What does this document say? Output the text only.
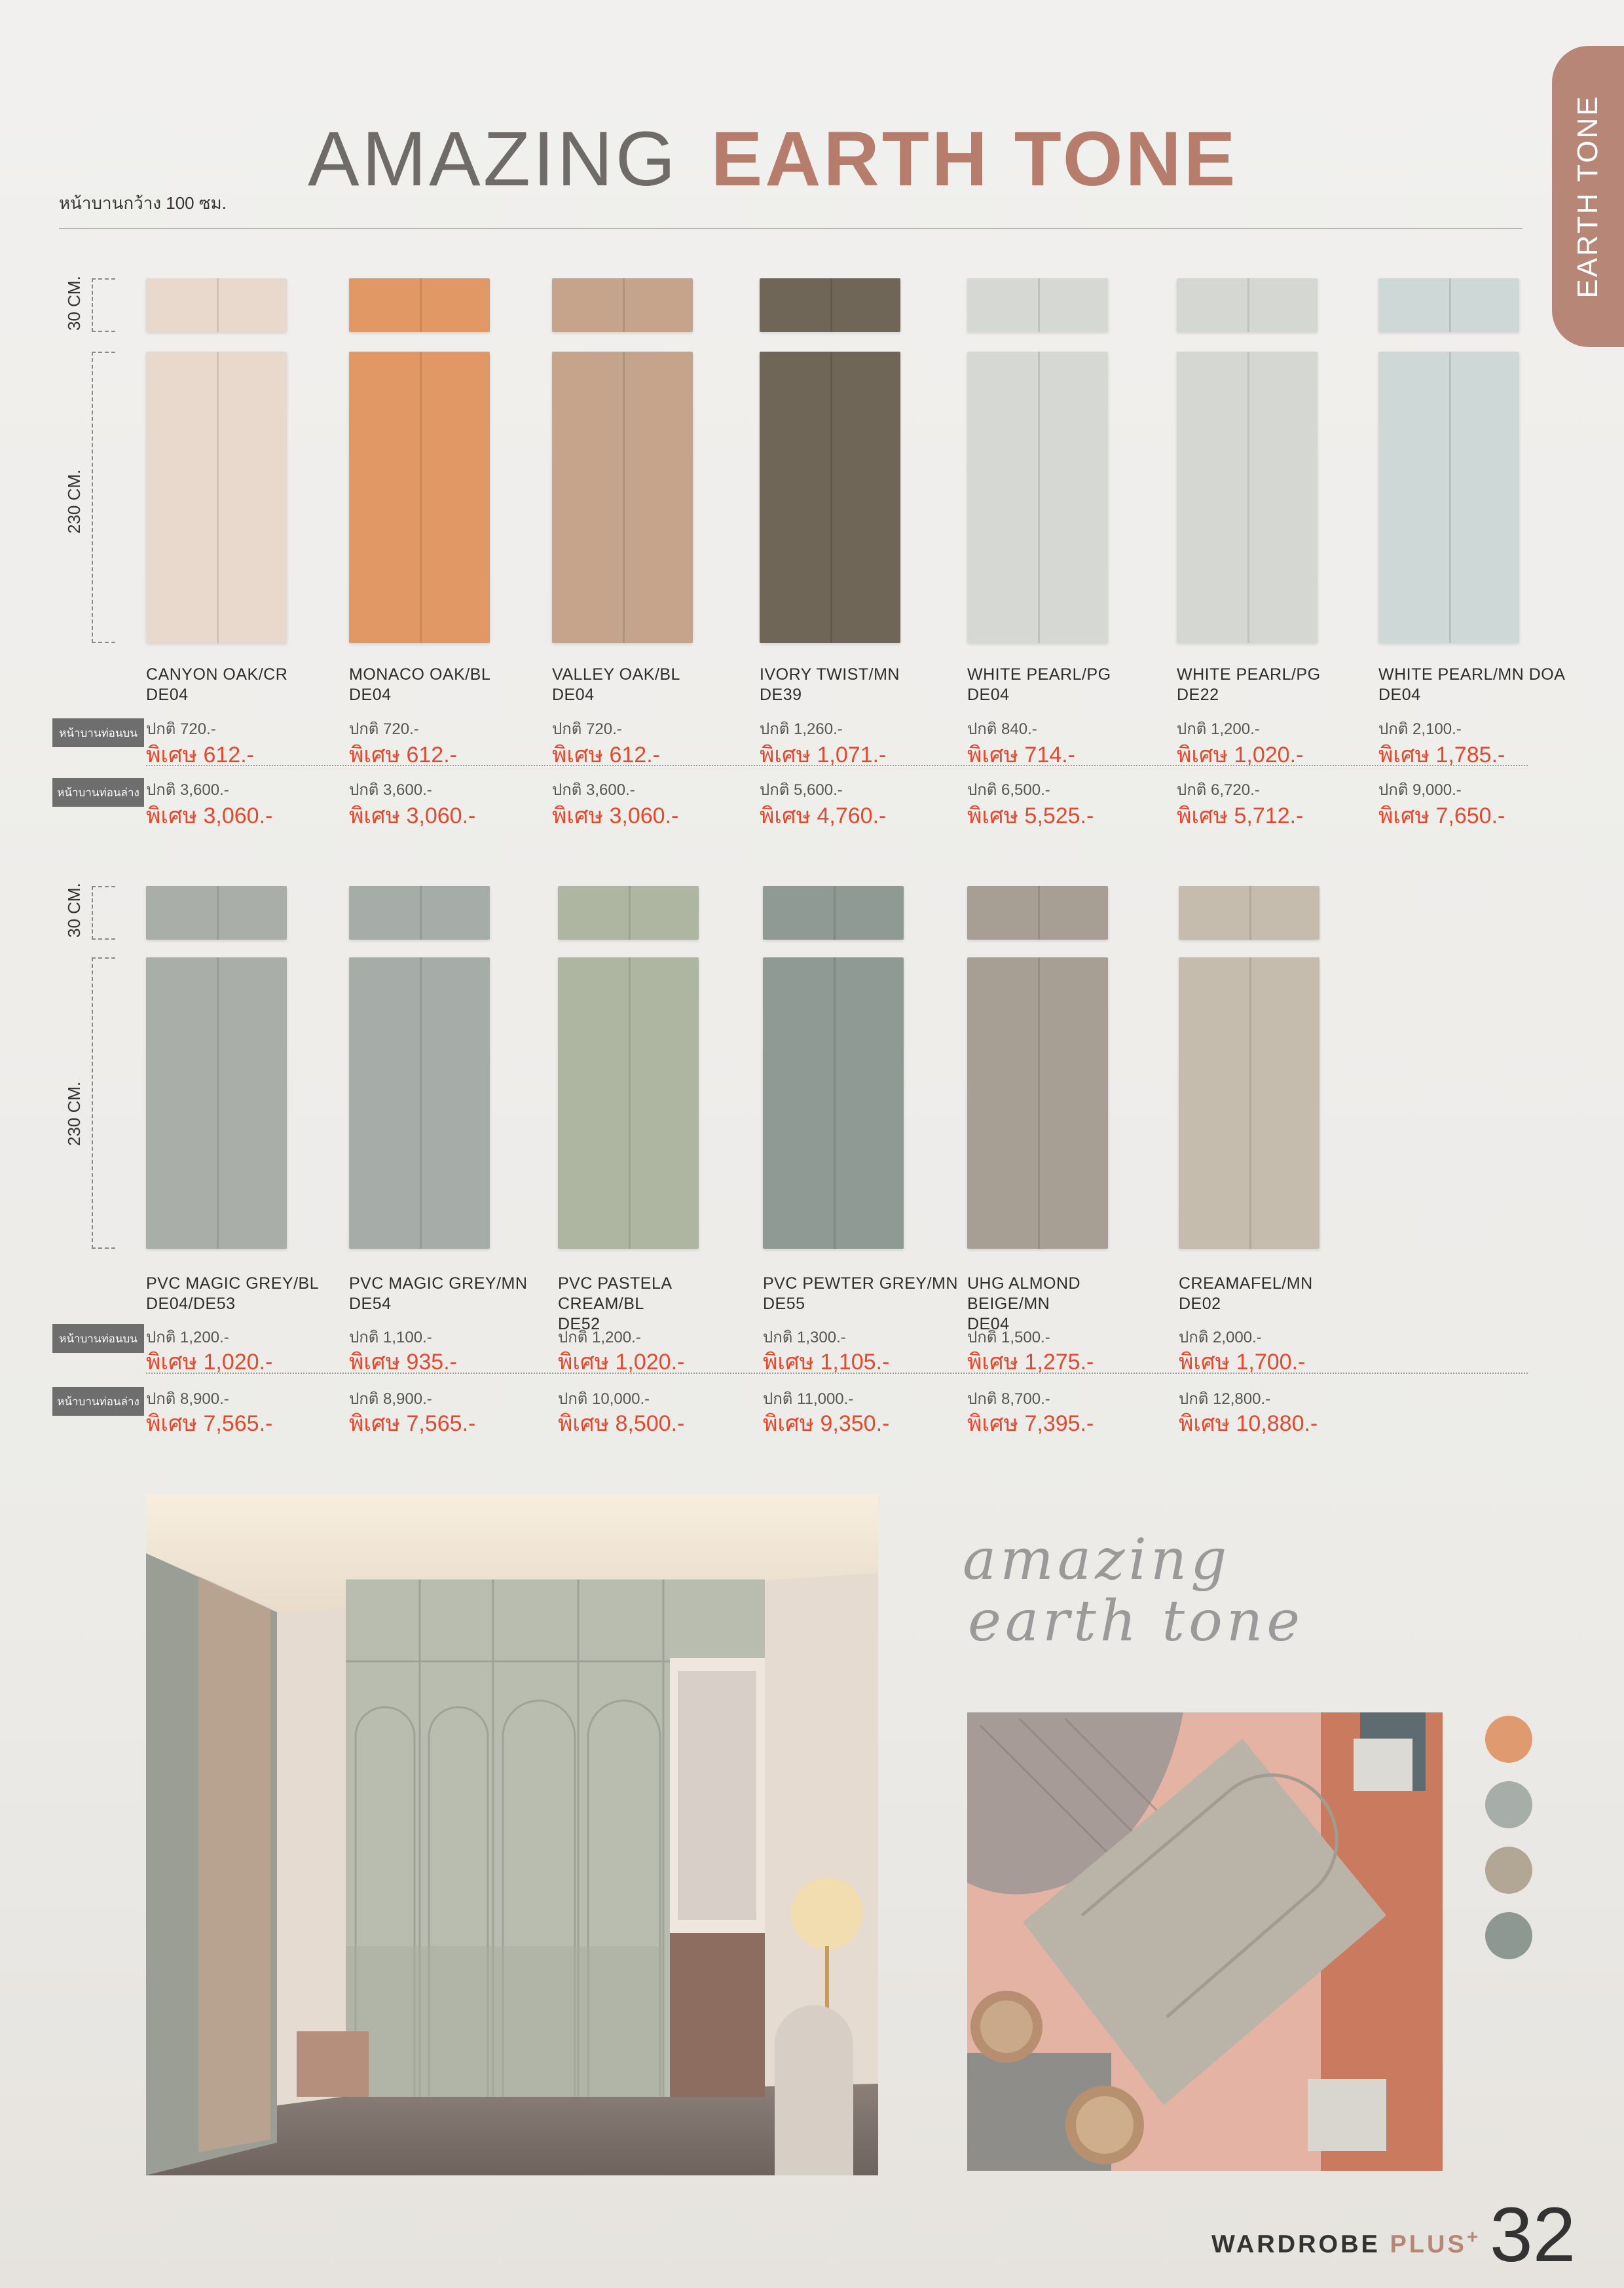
AMAZING EARTH TONE
หน้าบานกว้าง 100 ซม.	EARTH TONE
30 CM.
230 CM.
30 CM.
230 CM.
CANYON OAK/CR
DE04
ปกติ 720.-
พิเศษ 612.-
ปกติ 3,600.-
พิเศษ 3,060.-
MONACO OAK/BL
DE04
ปกติ 720.-
พิเศษ 612.-
ปกติ 3,600.-
พิเศษ 3,060.-
VALLEY OAK/BL
DE04
ปกติ 720.-
พิเศษ 612.-
ปกติ 3,600.-
พิเศษ 3,060.-
IVORY TWIST/MN
DE39
ปกติ 1,260.-
พิเศษ 1,071.-
ปกติ 5,600.-
พิเศษ 4,760.-
WHITE PEARL/PG
DE04
ปกติ 840.-
พิเศษ 714.-
ปกติ 6,500.-
พิเศษ 5,525.-
WHITE PEARL/PG
DE22
ปกติ 1,200.-
พิเศษ 1,020.-
ปกติ 6,720.-
พิเศษ 5,712.-
WHITE PEARL/MN DOA
DE04
ปกติ 2,100.-
พิเศษ 1,785.-
ปกติ 9,000.-
พิเศษ 7,650.-
หน้าบานท่อนบน
หน้าบานท่อนล่าง
PVC MAGIC GREY/BL
DE04/DE53
ปกติ 1,200.-
พิเศษ 1,020.-
ปกติ 8,900.-
พิเศษ 7,565.-
PVC MAGIC GREY/MN
DE54
ปกติ 1,100.-
พิเศษ 935.-
ปกติ 8,900.-
พิเศษ 7,565.-
PVC PASTELA CREAM/BL
DE52
ปกติ 1,200.-
พิเศษ 1,020.-
ปกติ 10,000.-
พิเศษ 8,500.-
PVC PEWTER GREY/MN
DE55
ปกติ 1,300.-
พิเศษ 1,105.-
ปกติ 11,000.-
พิเศษ 9,350.-
UHG ALMOND BEIGE/MN
DE04
ปกติ 1,500.-
พิเศษ 1,275.-
ปกติ 8,700.-
พิเศษ 7,395.-
CREAMAFEL/MN
DE02
ปกติ 2,000.-
พิเศษ 1,700.-
ปกติ 12,800.-
พิเศษ 10,880.-
หน้าบานท่อนบน
หน้าบานท่อนล่าง
amazing
earth tone
WARDROBE PLUS+ 32
